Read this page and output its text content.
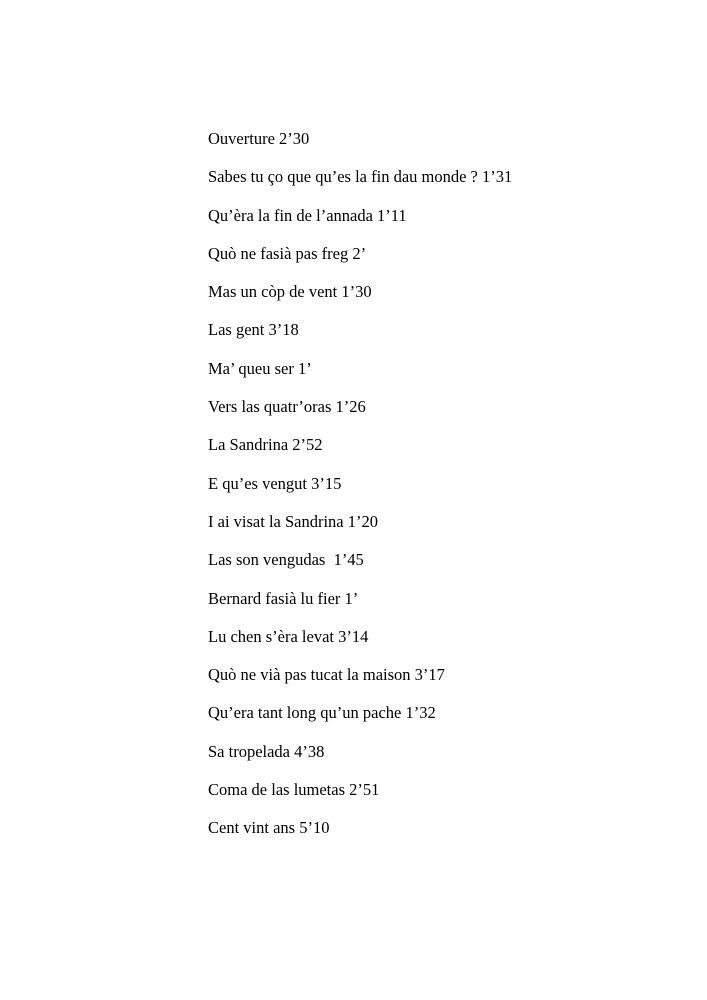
Ouverture 2’30
Sabes tu ço que qu’es la fin dau monde ? 1’31
Qu’èra la fin de l’annada 1’11
Quò ne fasià pas freg 2’
Mas un còp de vent 1’30
Las gent 3’18
Ma’ queu ser 1’
Vers las quatr’oras 1’26
La Sandrina 2’52
E qu’es vengut 3’15
I ai visat la Sandrina 1’20
Las son vengudas  1’45
Bernard fasià lu fier 1’
Lu chen s’èra levat 3’14
Quò ne vià pas tucat la maison 3’17
Qu’era tant long qu’un pache 1’32
Sa tropelada 4’38
Coma de las lumetas 2’51
Cent vint ans 5’10
